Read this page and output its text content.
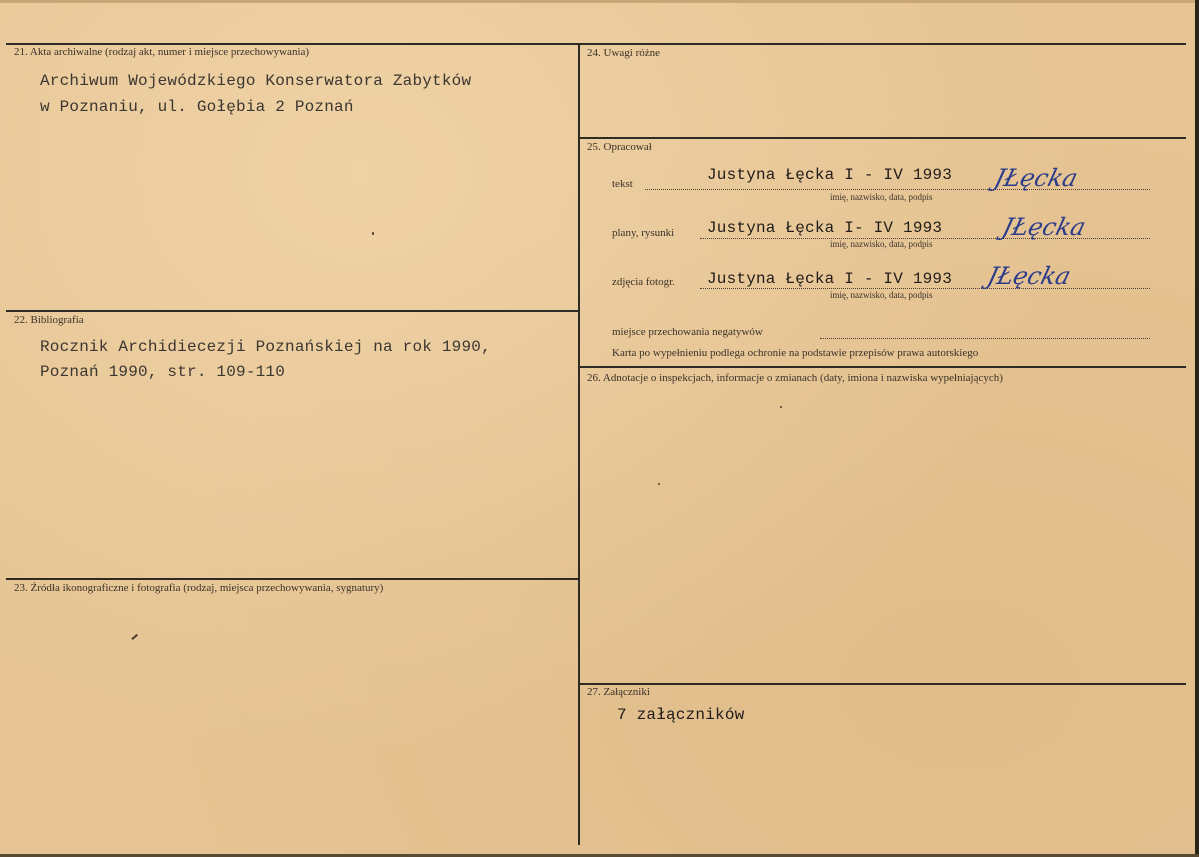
21. Akta archiwalne (rodzaj akt, numer i miejsce przechowywania)
Archiwum Wojewódzkiego Konserwatora Zabytków
w Poznaniu, ul. Gołębia 2 Poznań
22. Bibliografia
Rocznik Archidiecezji Poznańskiej na rok 1990,
Poznań 1990, str. 109-110
23. Źródła ikonograficzne i fotografia (rodzaj, miejsca przechowywania, sygnatury)
24. Uwagi różne
25. Opracował
tekst	Justyna Łęcka I - IV 1993
imię, nazwisko, data, podpis
JŁęcka
plany, rysunki Justyna Łęcka I- IV 1993
imię, nazwisko, data, podpis
JŁęcka
zdjęcia fotogr. Justyna Łęcka I - IV 1993
imię, nazwisko, data, podpis
JŁęcka
miejsce przechowania negatywów
Karta po wypełnieniu podlega ochronie na podstawie przepisów prawa autorskiego
26. Adnotacje o inspekcjach, informacje o zmianach (daty, imiona i nazwiska wypełniających)
27. Załączniki
7 załączników
